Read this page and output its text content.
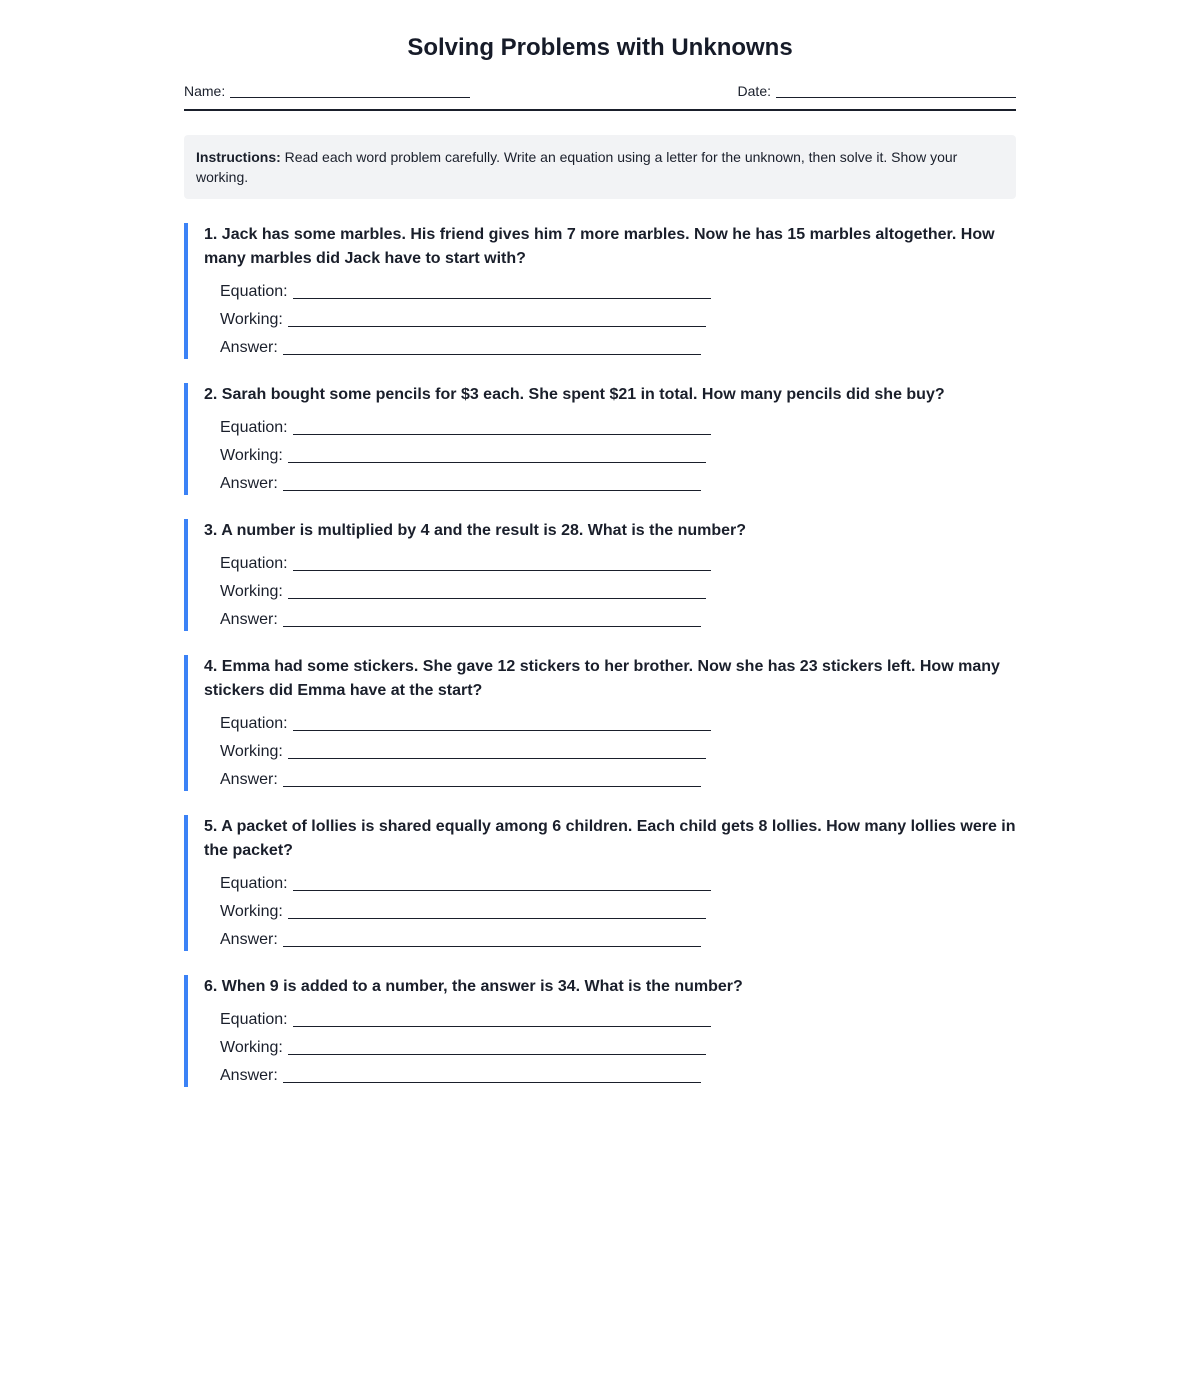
Solving Problems with Unknowns
Name:	Date:
Instructions: Read each word problem carefully. Write an equation using a letter for the unknown, then solve it. Show your working.

1. Jack has some marbles. His friend gives him 7 more marbles. Now he has 15 marbles altogether. How many marbles did Jack have to start with?

Equation:
Working:
Answer:

2. Sarah bought some pencils for $3 each. She spent $21 in total. How many pencils did she buy?

Equation:
Working:
Answer:

3. A number is multiplied by 4 and the result is 28. What is the number?

Equation:
Working:
Answer:

4. Emma had some stickers. She gave 12 stickers to her brother. Now she has 23 stickers left. How many stickers did Emma have at the start?

Equation:
Working:
Answer:

5. A packet of lollies is shared equally among 6 children. Each child gets 8 lollies. How many lollies were in the packet?

Equation:
Working:
Answer:

6. When 9 is added to a number, the answer is 34. What is the number?

Equation:
Working:
Answer:
